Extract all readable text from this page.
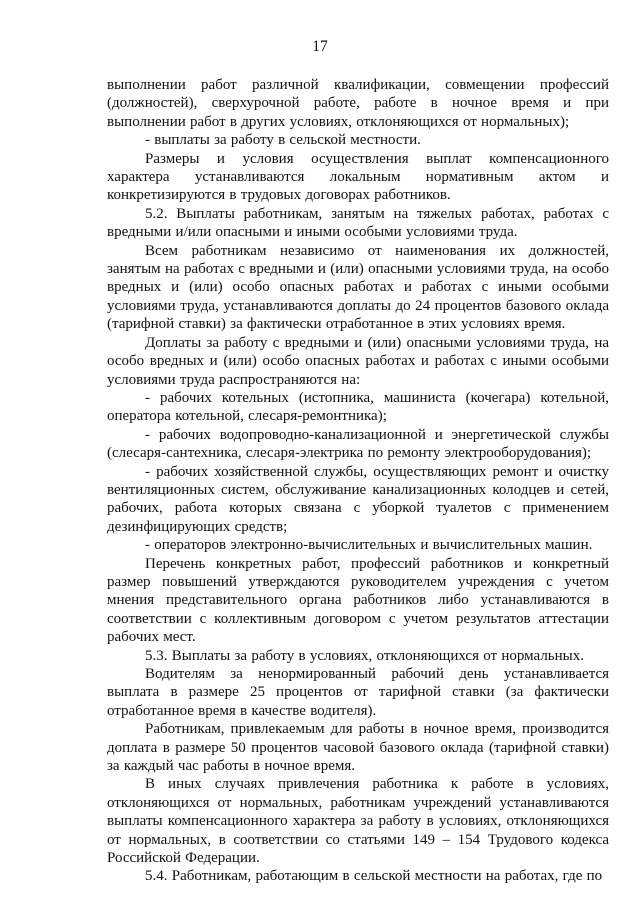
17

выполнении работ различной квалификации, совмещении профессий (должностей), сверхурочной работе, работе в ночное время и при выполнении работ в других условиях, отклоняющихся от нормальных);

- выплаты за работу в сельской местности.

Размеры и условия осуществления выплат компенсационного характера устанавливаются локальным нормативным актом и конкретизируются в трудовых договорах работников.

5.2. Выплаты работникам, занятым на тяжелых работах, работах с вредными и/или опасными и иными особыми условиями труда.

Всем работникам независимо от наименования их должностей, занятым на работах с вредными и (или) опасными условиями труда, на особо вредных и (или) особо опасных работах и работах с иными особыми условиями труда, устанавливаются доплаты до 24 процентов базового оклада (тарифной ставки) за фактически отработанное в этих условиях время.

Доплаты за работу с вредными и (или) опасными условиями труда, на особо вредных и (или) особо опасных работах и работах с иными особыми условиями труда распространяются на:

- рабочих котельных (истопника, машиниста (кочегара) котельной, оператора котельной, слесаря-ремонтника);

- рабочих водопроводно-канализационной и энергетической службы (слесаря-сантехника, слесаря-электрика по ремонту электрооборудования);

- рабочих хозяйственной службы, осуществляющих ремонт и очистку вентиляционных систем, обслуживание канализационных колодцев и сетей, рабочих, работа которых связана с уборкой туалетов с применением дезинфицирующих средств;

- операторов электронно-вычислительных и вычислительных машин.

Перечень конкретных работ, профессий работников и конкретный размер повышений утверждаются руководителем учреждения с учетом мнения представительного органа работников либо устанавливаются в соответствии с коллективным договором с учетом результатов аттестации рабочих мест.

5.3. Выплаты за работу в условиях, отклоняющихся от нормальных.

Водителям за ненормированный рабочий день устанавливается выплата в размере 25 процентов от тарифной ставки (за фактически отработанное время в качестве водителя).

Работникам, привлекаемым для работы в ночное время, производится доплата в размере 50 процентов часовой базового оклада (тарифной ставки) за каждый час работы в ночное время.

В иных случаях привлечения работника к работе в условиях, отклоняющихся от нормальных, работникам учреждений устанавливаются выплаты компенсационного характера за работу в условиях, отклоняющихся от нормальных, в соответствии со статьями 149 – 154 Трудового кодекса Российской Федерации.

5.4. Работникам, работающим в сельской местности на работах, где по
